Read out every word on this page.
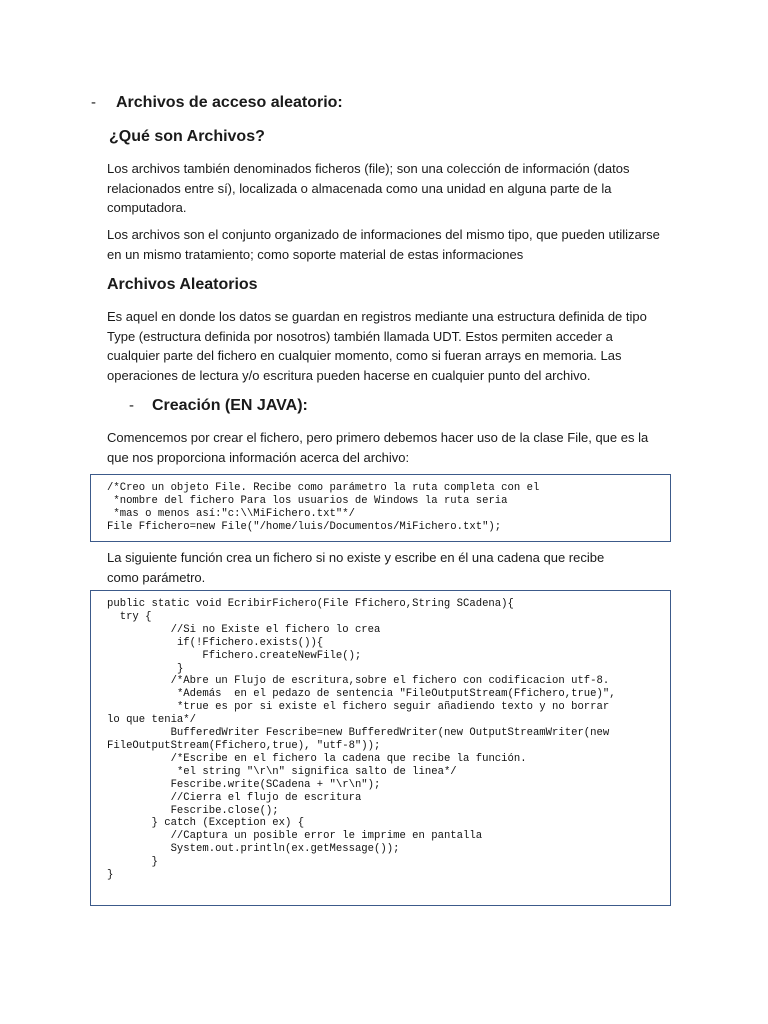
-	Archivos de acceso aleatorio:
¿Qué son Archivos?
Los archivos también denominados ficheros (file); son una colección de información (datos relacionados entre sí), localizada o almacenada como una unidad en alguna parte de la computadora.
Los archivos son el conjunto organizado de informaciones del mismo tipo, que pueden utilizarse en un mismo tratamiento; como soporte material de estas informaciones
Archivos Aleatorios
Es aquel en donde los datos se guardan en registros mediante una estructura definida de tipo Type (estructura definida por nosotros) también llamada UDT. Estos permiten acceder a cualquier parte del fichero en cualquier momento, como si fueran arrays en memoria. Las operaciones de lectura y/o escritura pueden hacerse en cualquier punto del archivo.
-	Creación (EN JAVA):
Comencemos por crear el fichero, pero primero debemos hacer uso de la clase File, que es la que nos proporciona información acerca del archivo:
/*Creo un objeto File. Recibe como parámetro la ruta completa con el
*nombre del fichero Para los usuarios de Windows la ruta seria
*mas o menos así:"c:\\MiFichero.txt"*/
File Ffichero=new File("/home/luis/Documentos/MiFichero.txt");
La siguiente función crea un fichero si no existe y escribe en él una cadena que recibe como parámetro.
public static void EcribirFichero(File Ffichero,String SCadena){
try {
//Si no Existe el fichero lo crea
if(!Ffichero.exists()){
Ffichero.createNewFile();
}
/*Abre un Flujo de escritura,sobre el fichero con codificacion utf-8.
*Además  en el pedazo de sentencia "FileOutputStream(Ffichero,true)",
*true es por si existe el fichero seguir añadiendo texto y no borrar
lo que tenia*/
BufferedWriter Fescribe=new BufferedWriter(new OutputStreamWriter(new
FileOutputStream(Ffichero,true), "utf-8"));
/*Escribe en el fichero la cadena que recibe la función.
*el string "\r\n" significa salto de linea*/
Fescribe.write(SCadena + "\r\n");
//Cierra el flujo de escritura
Fescribe.close();
} catch (Exception ex) {
//Captura un posible error le imprime en pantalla
System.out.println(ex.getMessage());
}
}
